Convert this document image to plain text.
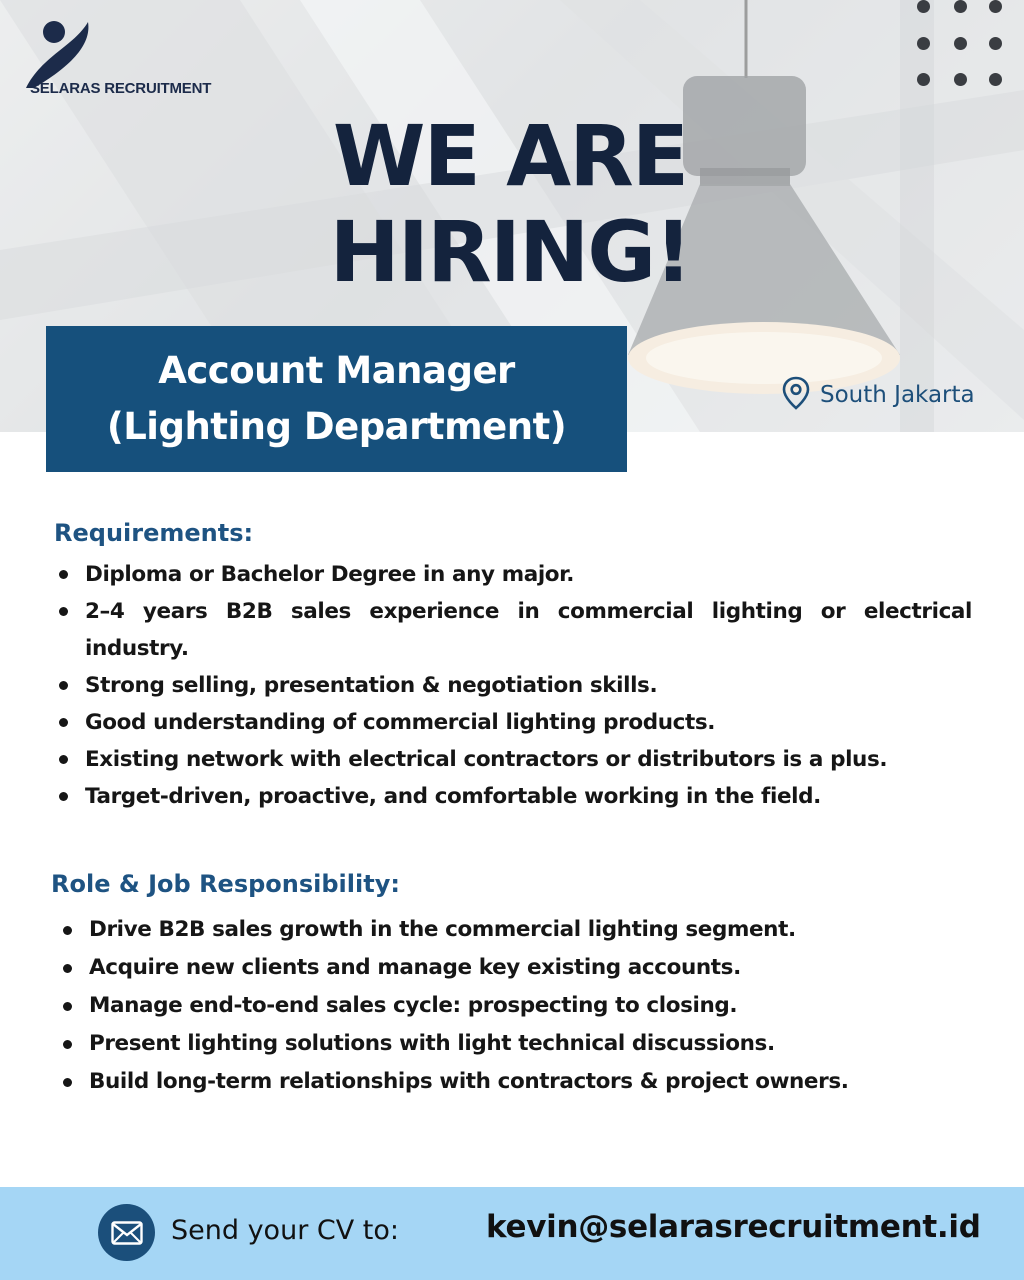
SELARAS RECRUITMENT
WE ARE
HIRING!
Account Manager
(Lighting Department)
South Jakarta
Requirements:
Diploma or Bachelor Degree in any major.
2–4 years B2B sales experience in commercial lighting or electrical industry.
Strong selling, presentation & negotiation skills.
Good understanding of commercial lighting products.
Existing network with electrical contractors or distributors is a plus.
Target-driven, proactive, and comfortable working in the field.
Role & Job Responsibility:
Drive B2B sales growth in the commercial lighting segment.
Acquire new clients and manage key existing accounts.
Manage end-to-end sales cycle: prospecting to closing.
Present lighting solutions with light technical discussions.
Build long-term relationships with contractors & project owners.
Send your CV to:	kevin@selarasrecruitment.id
